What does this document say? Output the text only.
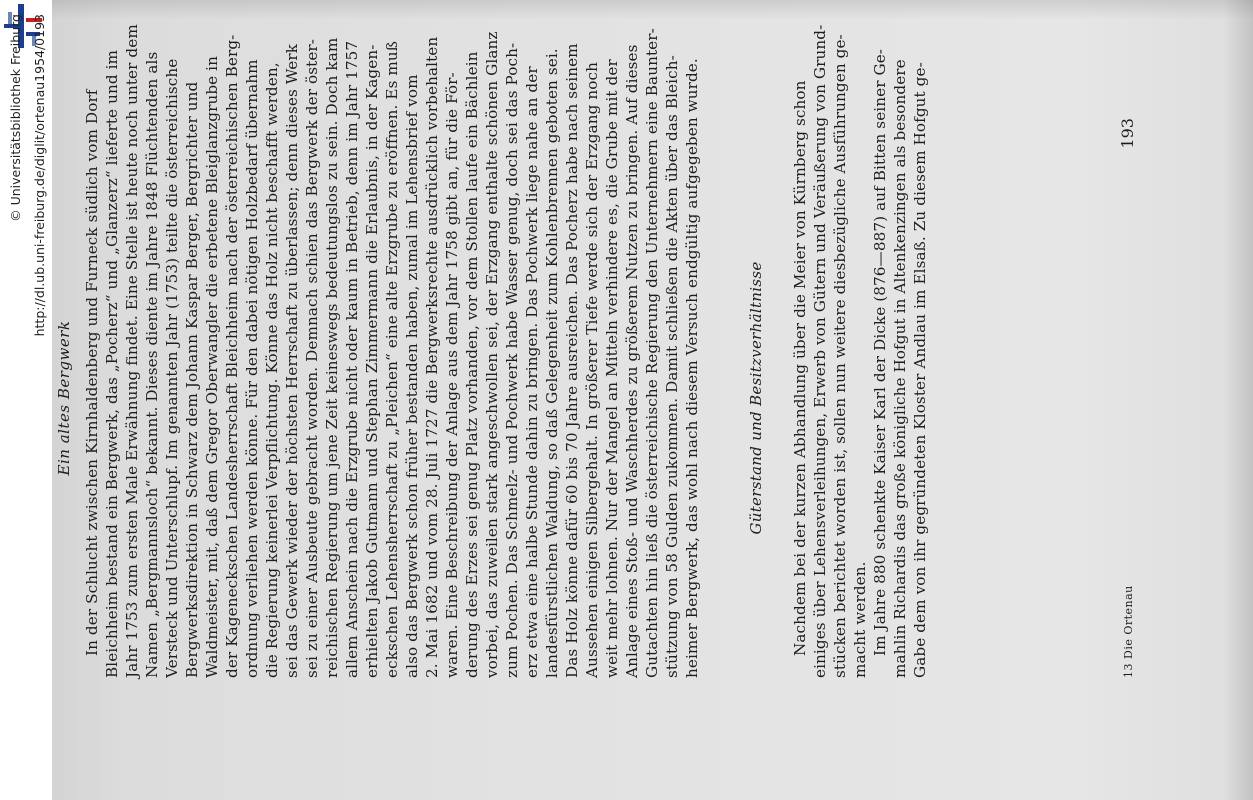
http://dl.ub.uni-freiburg.de/diglit/ortenau1954/0193
© Universitätsbibliothek Freiburg
Ein altes Bergwerk In der Schlucht zwischen Kirnhaldenberg und Furneck südlich vom Dorf Bleichheim bestand ein Bergwerk, das „Pocherz“ und „Glanzerz“ lieferte und im Jahr 1753 zum ersten Male Erwähnung findet. Eine Stelle ist heute noch unter dem Namen „Bergmannsloch“ bekannt. Dieses diente im Jahre 1848 Flüchtenden als Versteck und Unterschlupf. Im genannten Jahr (1753) teilte die österreichische Bergwerksdirektion in Schwarz dem Johann Kaspar Berger, Bergrichter und Waldmeister, mit, daß dem Gregor Oberwangler die erbetene Bleiglanzgrube in der Kageneckschen Landesherrschaft Bleichheim nach der österreichischen Berg- ordnung verliehen werden könne. Für den dabei nötigen Holzbedarf übernahm die Regierung keinerlei Verpflichtung. Könne das Holz nicht beschafft werden, sei das Gewerk wieder der höchsten Herrschaft zu überlassen; denn dieses Werk sei zu einer Ausbeute gebracht worden. Demnach schien das Bergwerk der öster- reichischen Regierung um jene Zeit keineswegs bedeutungslos zu sein. Doch kam allem Anschein nach die Erzgrube nicht oder kaum in Betrieb, denn im Jahr 1757 erhielten Jakob Gutmann und Stephan Zimmermann die Erlaubnis, in der Kagen- eckschen Lehensherrschaft zu „Pleichen“ eine alte Erzgrube zu eröffnen. Es muß also das Bergwerk schon früher bestanden haben, zumal im Lehensbrief vom 2. Mai 1682 und vom 28. Juli 1727 die Bergwerksrechte ausdrücklich vorbehalten waren. Eine Beschreibung der Anlage aus dem Jahr 1758 gibt an, für die För- derung des Erzes sei genug Platz vorhanden, vor dem Stollen laufe ein Bächlein vorbei, das zuweilen stark angeschwollen sei, der Erzgang enthalte schönen Glanz zum Pochen. Das Schmelz- und Pochwerk habe Wasser genug, doch sei das Poch- erz etwa eine halbe Stunde dahin zu bringen. Das Pochwerk liege nahe an der landesfürstlichen Waldung, so daß Gelegenheit zum Kohlenbrennen geboten sei. Das Holz könne dafür 60 bis 70 Jahre ausreichen. Das Pocherz habe nach seinem Aussehen einigen Silbergehalt. In größerer Tiefe werde sich der Erzgang noch weit mehr lohnen. Nur der Mangel an Mitteln verhindere es, die Grube mit der Anlage eines Stoß- und Waschherdes zu größerem Nutzen zu bringen. Auf dieses Gutachten hin ließ die österreichische Regierung den Unternehmern eine Baunter- stützung von 58 Gulden zukommen. Damit schließen die Akten über das Bleich- heimer Bergwerk, das wohl nach diesem Versuch endgültig aufgegeben wurde.	Güterstand und Besitzverhältnisse Nachdem bei der kurzen Abhandlung über die Meier von Kürnberg schon einiges über Lehensverleihungen, Erwerb von Gütern und Veräußerung von Grund- stücken berichtet worden ist, sollen nun weitere diesbezügliche Ausführungen ge- macht werden. Im Jahre 880 schenkte Kaiser Karl der Dicke (876—887) auf Bitten seiner Ge- mahlin Richardis das große königliche Hofgut in Altenkenzingen als besondere Gabe dem von ihr gegründeten Kloster Andlau im Elsaß. Zu diesem Hofgut ge-	13 Die Ortenau
193
